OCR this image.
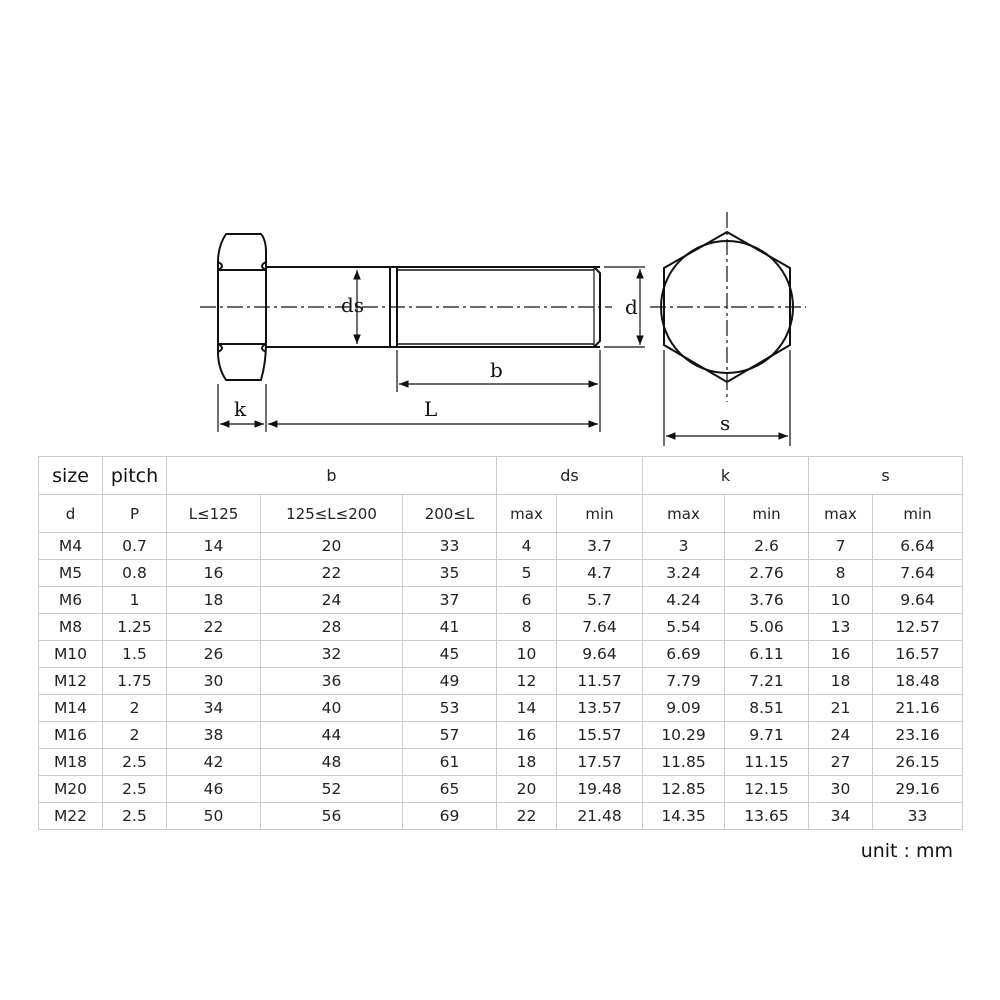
ds	d
b
k	L
s
size	pitch	b			ds		k		s	
d	P	L≤125	125≤L≤200	200≤L	max	min	max	min	max	min
M4	0.7	14	20	33	4	3.7	3	2.6	7	6.64
M5	0.8	16	22	35	5	4.7	3.24	2.76	8	7.64
M6	1	18	24	37	6	5.7	4.24	3.76	10	9.64
M8	1.25	22	28	41	8	7.64	5.54	5.06	13	12.57
M10	1.5	26	32	45	10	9.64	6.69	6.11	16	16.57
M12	1.75	30	36	49	12	11.57	7.79	7.21	18	18.48
M14	2	34	40	53	14	13.57	9.09	8.51	21	21.16
M16	2	38	44	57	16	15.57	10.29	9.71	24	23.16
M18	2.5	42	48	61	18	17.57	11.85	11.15	27	26.15
M20	2.5	46	52	65	20	19.48	12.85	12.15	30	29.16
M22	2.5	50	56	69	22	21.48	14.35	13.65	34	33
unit : mm
